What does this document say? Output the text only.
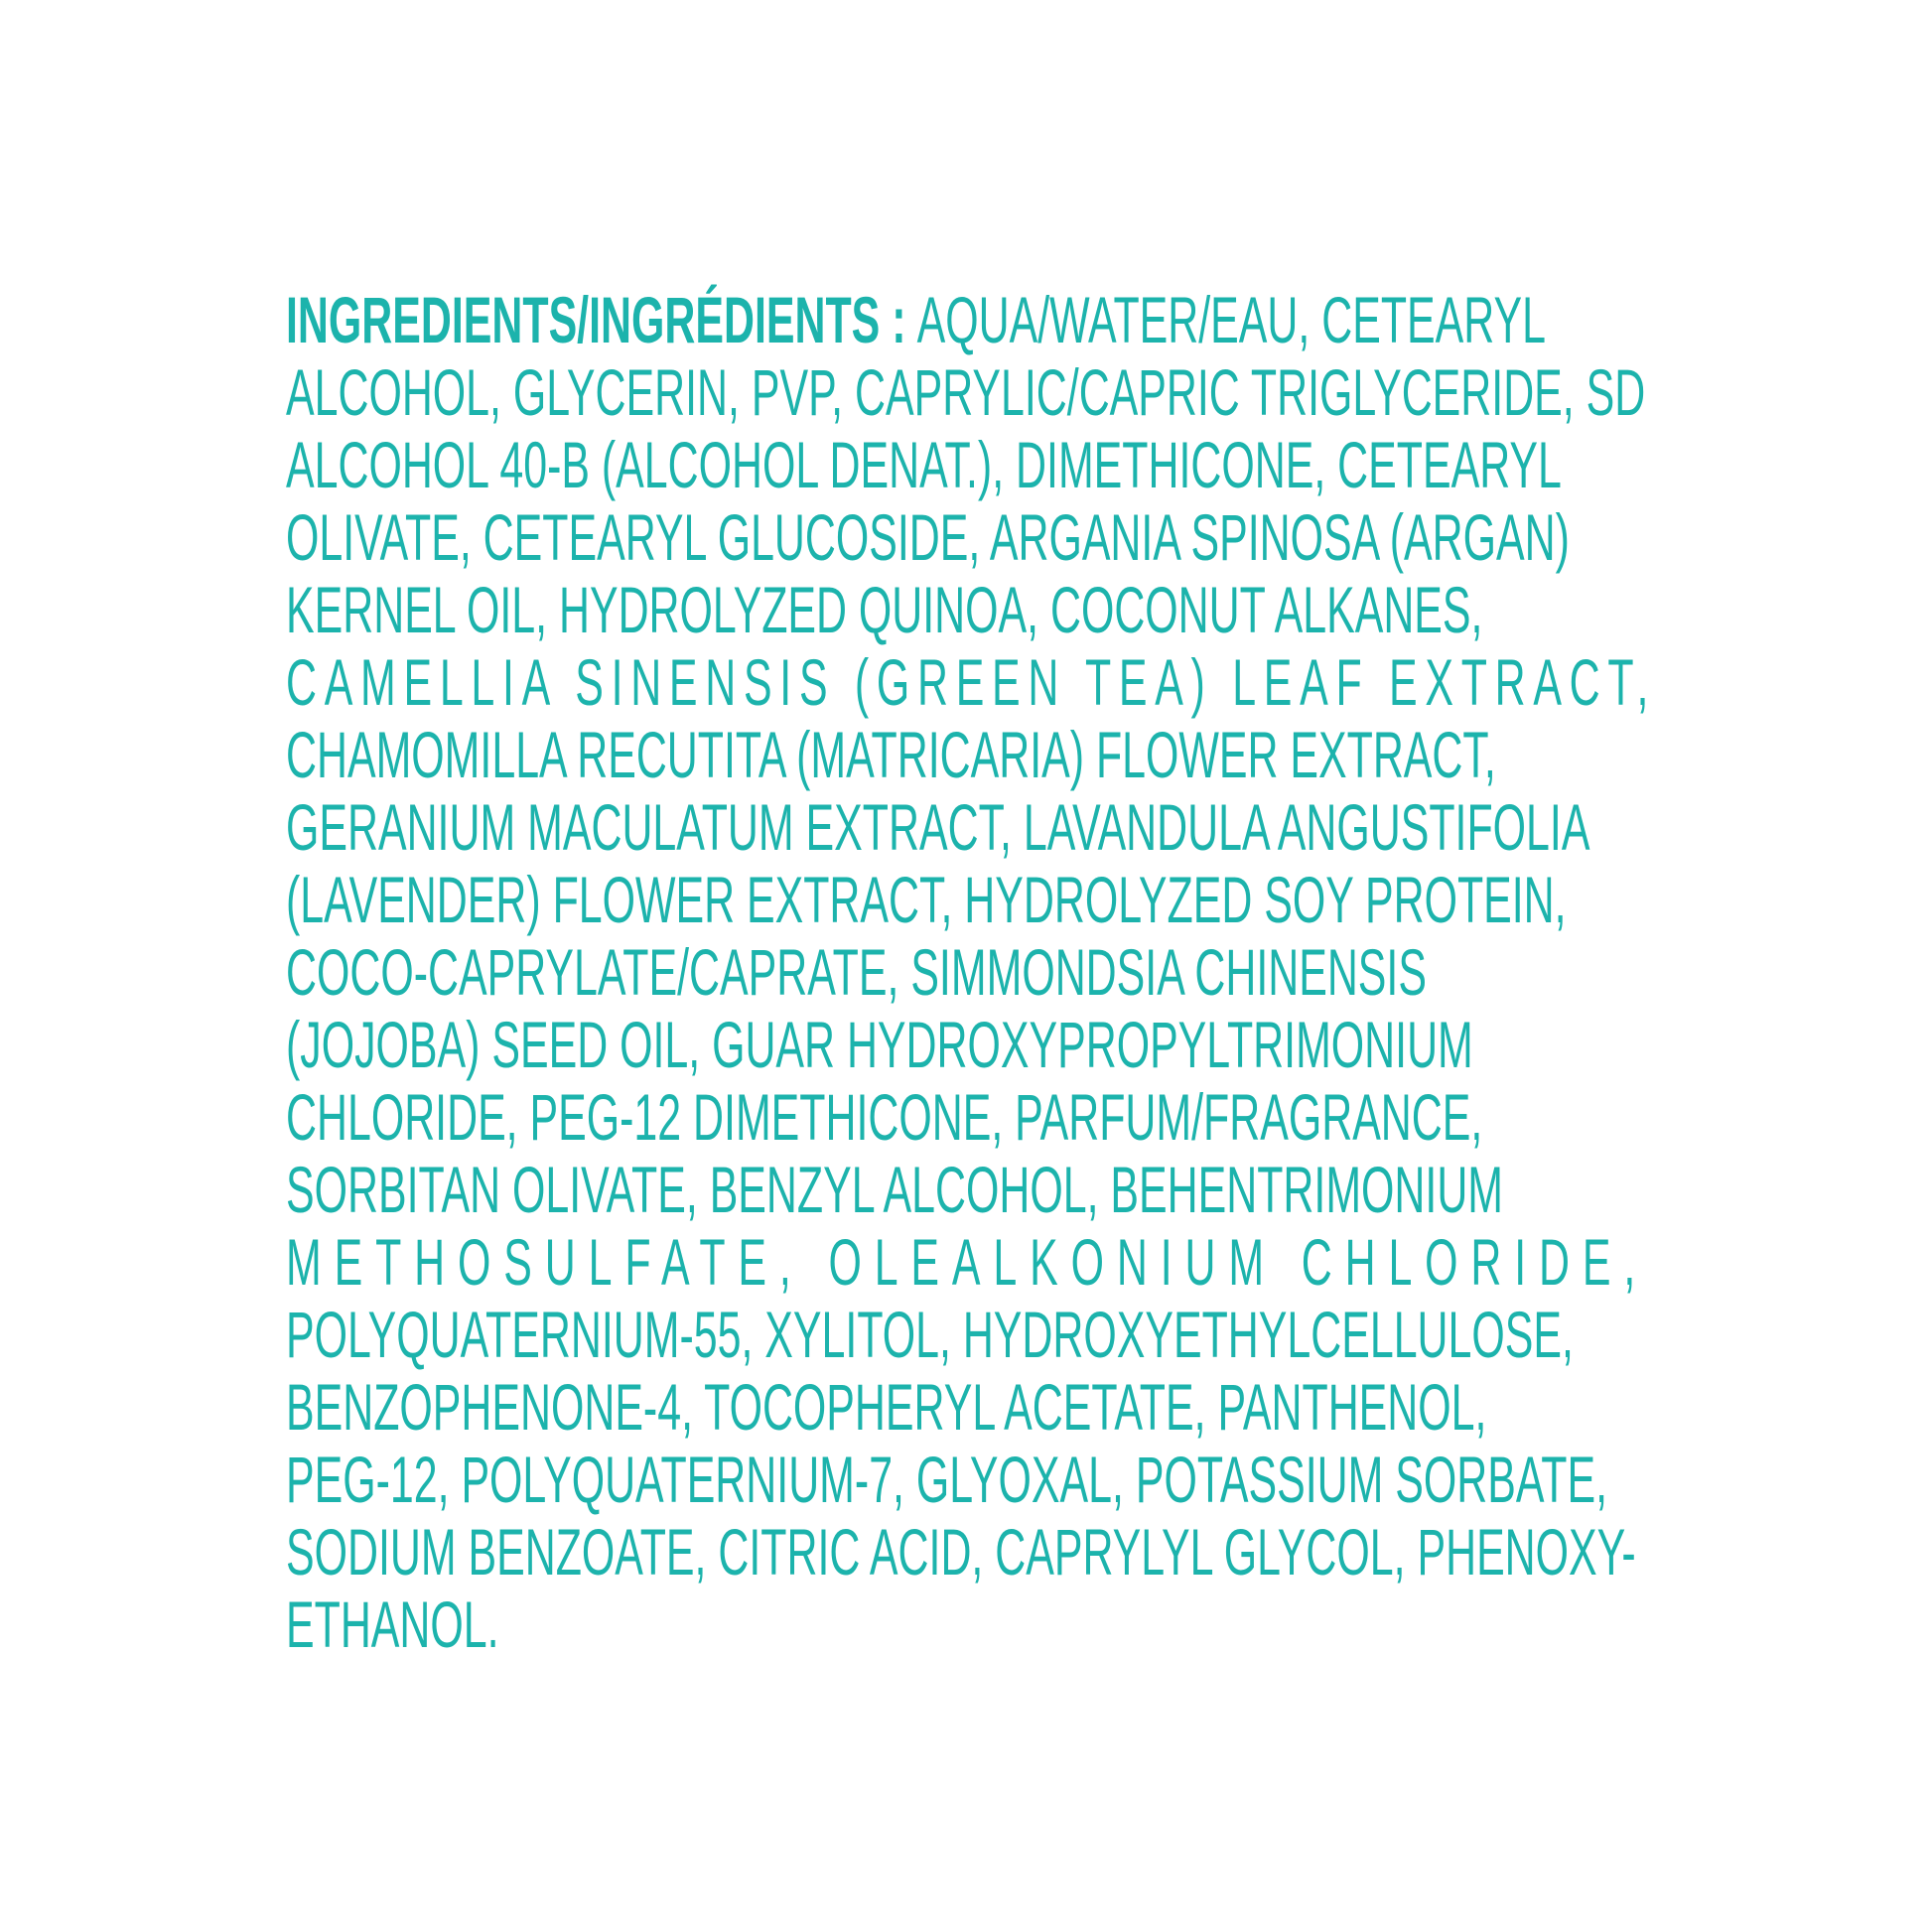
INGREDIENTS/INGRÉDIENTS : AQUA/WATER/EAU, CETEARYL
ALCOHOL, GLYCERIN, PVP, CAPRYLIC/CAPRIC TRIGLYCERIDE, SD
ALCOHOL 40-B (ALCOHOL DENAT.), DIMETHICONE, CETEARYL
OLIVATE, CETEARYL GLUCOSIDE, ARGANIA SPINOSA (ARGAN)
KERNEL OIL, HYDROLYZED QUINOA, COCONUT ALKANES,
CAMELLIA SINENSIS (GREEN TEA) LEAF EXTRACT,
CHAMOMILLA RECUTITA (MATRICARIA) FLOWER EXTRACT,
GERANIUM MACULATUM EXTRACT, LAVANDULA ANGUSTIFOLIA
(LAVENDER) FLOWER EXTRACT, HYDROLYZED SOY PROTEIN,
COCO-CAPRYLATE/CAPRATE, SIMMONDSIA CHINENSIS
(JOJOBA) SEED OIL, GUAR HYDROXYPROPYLTRIMONIUM
CHLORIDE, PEG-12 DIMETHICONE, PARFUM/FRAGRANCE,
SORBITAN OLIVATE, BENZYL ALCOHOL, BEHENTRIMONIUM
METHOSULFATE, OLEALKONIUM CHLORIDE,
POLYQUATERNIUM-55, XYLITOL, HYDROXYETHYLCELLULOSE,
BENZOPHENONE-4, TOCOPHERYL ACETATE, PANTHENOL,
PEG-12, POLYQUATERNIUM-7, GLYOXAL, POTASSIUM SORBATE,
SODIUM BENZOATE, CITRIC ACID, CAPRYLYL GLYCOL, PHENOXY-
ETHANOL.
